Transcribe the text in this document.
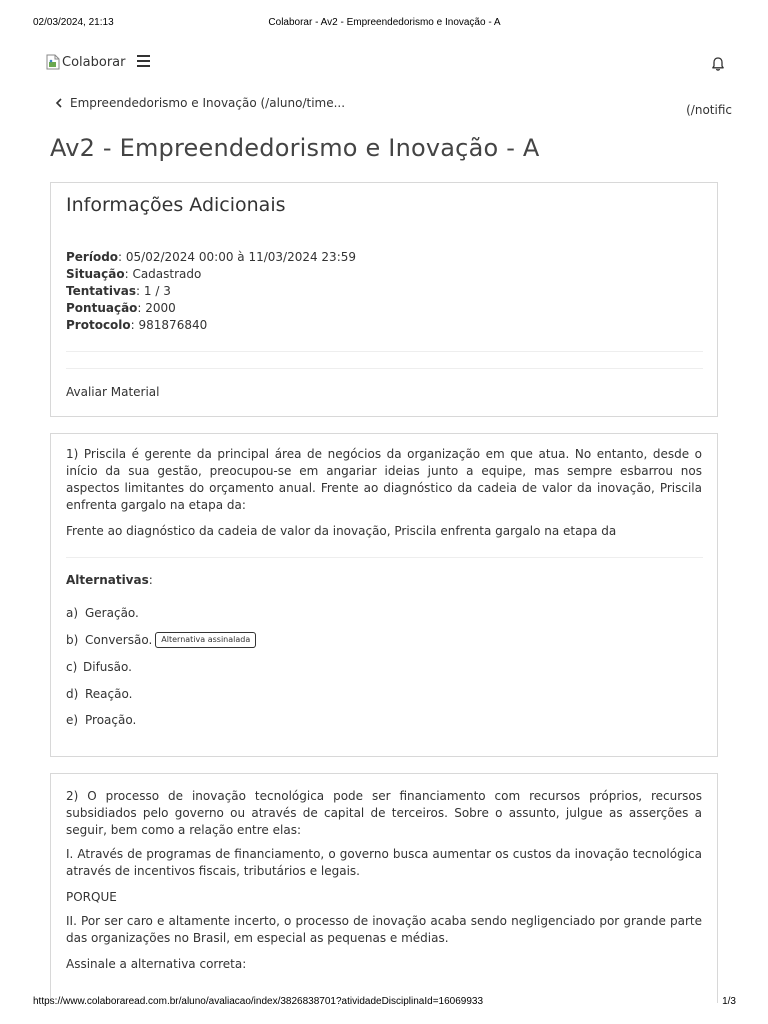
02/03/2024, 21:13	Colaborar - Av2 - Empreendedorismo e Inovação - A
Colaborar
Empreendedorismo e Inovação (/aluno/time...	(/notific
Av2 - Empreendedorismo e Inovação - A
Informações Adicionais
Período: 05/02/2024 00:00 à 11/03/2024 23:59
Situação: Cadastrado
Tentativas: 1 / 3
Pontuação: 2000
Protocolo: 981876840
Avaliar Material
1) Priscila é gerente da principal área de negócios da organização em que atua. No entanto, desde o início da sua gestão, preocupou-se em angariar ideias junto a equipe, mas sempre esbarrou nos aspectos limitantes do orçamento anual. Frente ao diagnóstico da cadeia de valor da inovação, Priscila enfrenta gargalo na etapa da:
Frente ao diagnóstico da cadeia de valor da inovação, Priscila enfrenta gargalo na etapa da
Alternativas:
a) Geração.
b) Conversão.	Alternativa assinalada
c) Difusão.
d) Reação.
e) Proação.
2) O processo de inovação tecnológica pode ser financiamento com recursos próprios, recursos subsidiados pelo governo ou através de capital de terceiros. Sobre o assunto, julgue as asserções a seguir, bem como a relação entre elas:
I. Através de programas de financiamento, o governo busca aumentar os custos da inovação tecnológica através de incentivos fiscais, tributários e legais.
PORQUE
II. Por ser caro e altamente incerto, o processo de inovação acaba sendo negligenciado por grande parte das organizações no Brasil, em especial as pequenas e médias.
Assinale a alternativa correta:
https://www.colaboraread.com.br/aluno/avaliacao/index/3826838701?atividadeDisciplinaId=16069933	1/3
